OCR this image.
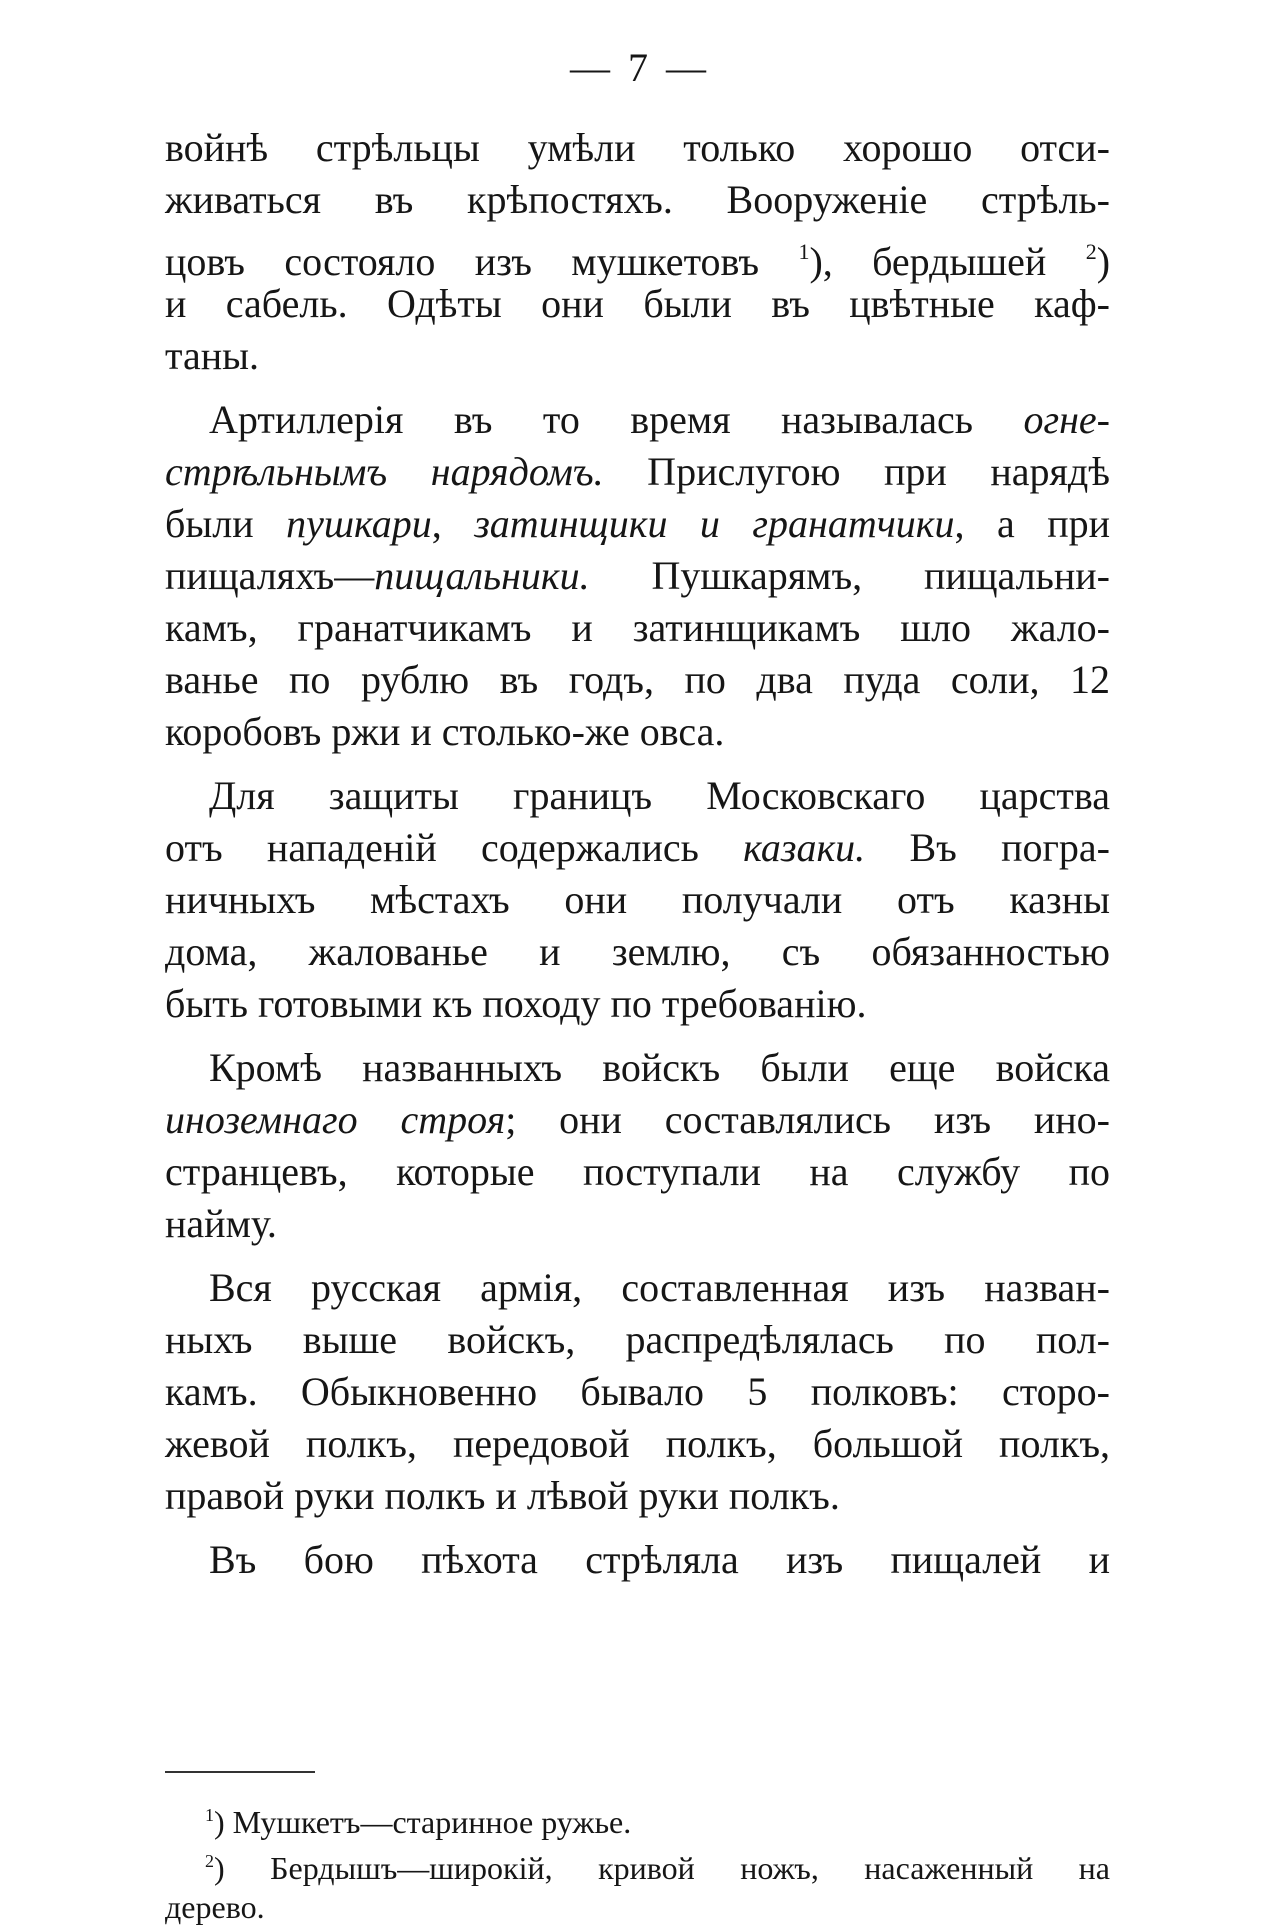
— 7 —
войнѣ стрѣльцы умѣли только хорошо отси-
живаться въ крѣпостяхъ. Вооруженіе стрѣль-
цовъ состояло изъ мушкетовъ $^1$), бердышей $^2$)
и сабель. Одѣты они были въ цвѣтные каф-
таны.
Артиллерія въ то время называлась огне-
стрѣльнымъ нарядомъ. Прислугою при нарядѣ
были пушкари, затинщики и гранатчики, а при
пищаляхъ—пищальники. Пушкарямъ, пищальни-
камъ, гранатчикамъ и затинщикамъ шло жало-
ванье по рублю въ годъ, по два пуда соли, 12
коробовъ ржи и столько-же овса.
Для защиты границъ Московскаго царства
отъ нападеній содержались казаки. Въ погра-
ничныхъ мѣстахъ они получали отъ казны
дома, жалованье и землю, съ обязанностью
быть готовыми къ походу по требованію.
Кромѣ названныхъ войскъ были еще войска
иноземнаго строя; они составлялись изъ ино-
странцевъ, которые поступали на службу по
найму.
Вся русская армія, составленная изъ назван-
ныхъ выше войскъ, распредѣлялась по пол-
камъ. Обыкновенно бывало 5 полковъ: сторо-
жевой полкъ, передовой полкъ, большой полкъ,
правой руки полкъ и лѣвой руки полкъ.
Въ бою пѣхота стрѣляла изъ пищалей и
$^1$) Мушкетъ—старинное ружье.
$^2$) Бердышъ—широкій, кривой ножъ, насаженный на
дерево.
